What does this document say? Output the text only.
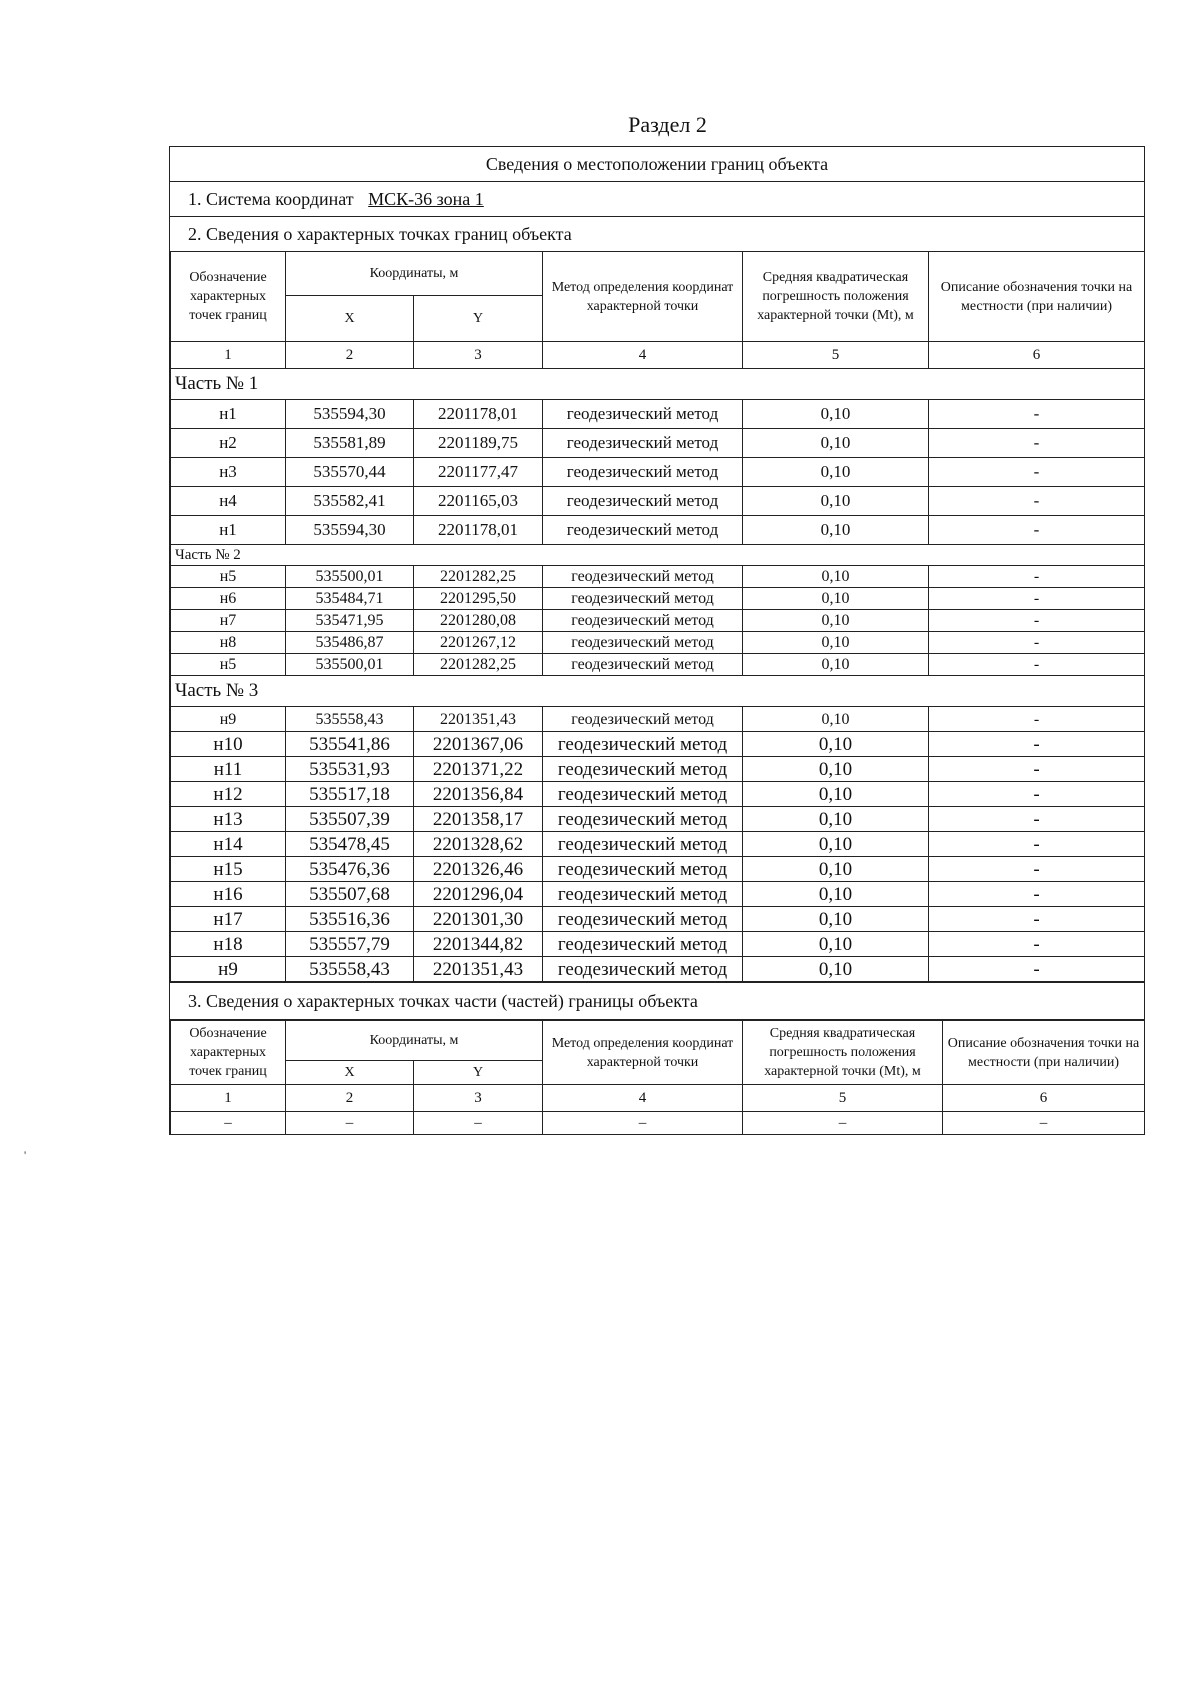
Раздел 2
Сведения о местоположении границ объекта
1. Система координат МСК-36 зона 1
2. Сведения о характерных точках границ объекта
Обозначение характерных точек границ	Координаты, м		Метод определения координат характерной точки	Средняя квадратическая погрешность положения характерной точки (Mt), м	Описание обозначения точки на местности (при наличии)
	X	Y			
1	2	3	4	5	6
Часть № 1					
н1	535594,30	2201178,01	геодезический метод	0,10	-
н2	535581,89	2201189,75	геодезический метод	0,10	-
н3	535570,44	2201177,47	геодезический метод	0,10	-
н4	535582,41	2201165,03	геодезический метод	0,10	-
н1	535594,30	2201178,01	геодезический метод	0,10	-
Часть № 2					
н5	535500,01	2201282,25	геодезический метод	0,10	-
н6	535484,71	2201295,50	геодезический метод	0,10	-
н7	535471,95	2201280,08	геодезический метод	0,10	-
н8	535486,87	2201267,12	геодезический метод	0,10	-
н5	535500,01	2201282,25	геодезический метод	0,10	-
Часть № 3					
н9	535558,43	2201351,43	геодезический метод	0,10	-
н10	535541,86	2201367,06	геодезический метод	0,10	-
н11	535531,93	2201371,22	геодезический метод	0,10	-
н12	535517,18	2201356,84	геодезический метод	0,10	-
н13	535507,39	2201358,17	геодезический метод	0,10	-
н14	535478,45	2201328,62	геодезический метод	0,10	-
н15	535476,36	2201326,46	геодезический метод	0,10	-
н16	535507,68	2201296,04	геодезический метод	0,10	-
н17	535516,36	2201301,30	геодезический метод	0,10	-
н18	535557,79	2201344,82	геодезический метод	0,10	-
н9	535558,43	2201351,43	геодезический метод	0,10	-
3. Сведения о характерных точках части (частей) границы объекта
Обозначение характерных точек границ	Координаты, м		Метод определения координат характерной точки	Средняя квадратическая погрешность положения характерной точки (Mt), м	Описание обозначения точки на местности (при наличии)
	X	Y			
1	2	3	4	5	6
–	–	–	–	–	–
'
